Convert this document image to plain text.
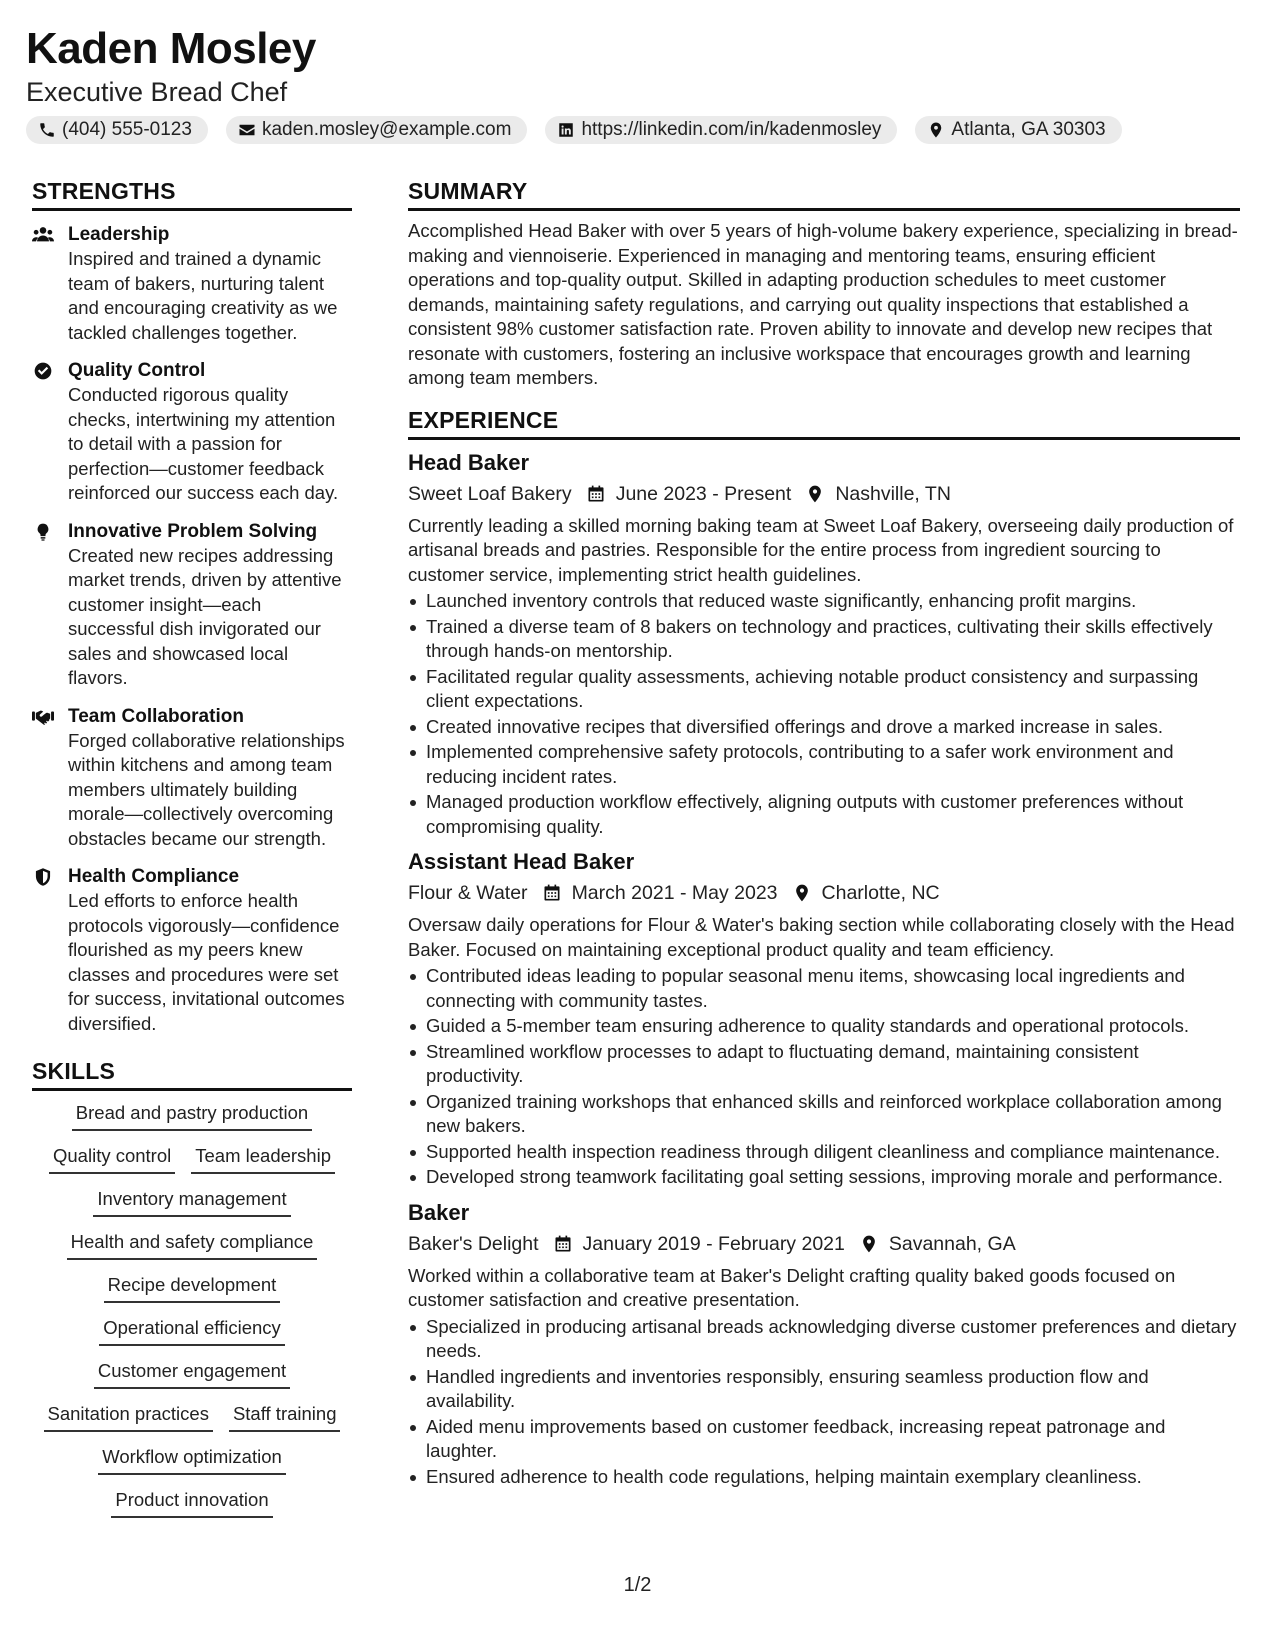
Kaden Mosley
Executive Bread Chef
(404) 555-0123	kaden.mosley@example.com	https://linkedin.com/in/kadenmosley	Atlanta, GA 30303
STRENGTHS
Leadership
Inspired and trained a dynamic team of bakers, nurturing talent and encouraging creativity as we tackled challenges together.
Quality Control
Conducted rigorous quality checks, intertwining my attention to detail with a passion for perfection—customer feedback reinforced our success each day.
Innovative Problem Solving
Created new recipes addressing market trends, driven by attentive customer insight—each successful dish invigorated our sales and showcased local flavors.
Team Collaboration
Forged collaborative relationships within kitchens and among team members ultimately building morale—collectively overcoming obstacles became our strength.
Health Compliance
Led efforts to enforce health protocols vigorously—confidence flourished as my peers knew classes and procedures were set for success, invitational outcomes diversified.
SKILLS
Bread and pastry production
Quality control Team leadership
Inventory management
Health and safety compliance
Recipe development
Operational efficiency
Customer engagement
Sanitation practices Staff training
Workflow optimization
Product innovation
SUMMARY
Accomplished Head Baker with over 5 years of high-volume bakery experience, specializing in bread-making and viennoiserie. Experienced in managing and mentoring teams, ensuring efficient operations and top-quality output. Skilled in adapting production schedules to meet customer demands, maintaining safety regulations, and carrying out quality inspections that established a consistent 98% customer satisfaction rate. Proven ability to innovate and develop new recipes that resonate with customers, fostering an inclusive workspace that encourages growth and learning among team members.
EXPERIENCE
Head Baker
Sweet Loaf Bakery June 2023 - Present Nashville, TN
Currently leading a skilled morning baking team at Sweet Loaf Bakery, overseeing daily production of artisanal breads and pastries. Responsible for the entire process from ingredient sourcing to customer service, implementing strict health guidelines.
Launched inventory controls that reduced waste significantly, enhancing profit margins.
Trained a diverse team of 8 bakers on technology and practices, cultivating their skills effectively through hands-on mentorship.
Facilitated regular quality assessments, achieving notable product consistency and surpassing client expectations.
Created innovative recipes that diversified offerings and drove a marked increase in sales.
Implemented comprehensive safety protocols, contributing to a safer work environment and reducing incident rates.
Managed production workflow effectively, aligning outputs with customer preferences without compromising quality.
Assistant Head Baker
Flour & Water March 2021 - May 2023 Charlotte, NC
Oversaw daily operations for Flour & Water's baking section while collaborating closely with the Head Baker. Focused on maintaining exceptional product quality and team efficiency.
Contributed ideas leading to popular seasonal menu items, showcasing local ingredients and connecting with community tastes.
Guided a 5-member team ensuring adherence to quality standards and operational protocols.
Streamlined workflow processes to adapt to fluctuating demand, maintaining consistent productivity.
Organized training workshops that enhanced skills and reinforced workplace collaboration among new bakers.
Supported health inspection readiness through diligent cleanliness and compliance maintenance.
Developed strong teamwork facilitating goal setting sessions, improving morale and performance.
Baker
Baker's Delight January 2019 - February 2021 Savannah, GA
Worked within a collaborative team at Baker's Delight crafting quality baked goods focused on customer satisfaction and creative presentation.
Specialized in producing artisanal breads acknowledging diverse customer preferences and dietary needs.
Handled ingredients and inventories responsibly, ensuring seamless production flow and availability.
Aided menu improvements based on customer feedback, increasing repeat patronage and laughter.
Ensured adherence to health code regulations, helping maintain exemplary cleanliness.
1/2
